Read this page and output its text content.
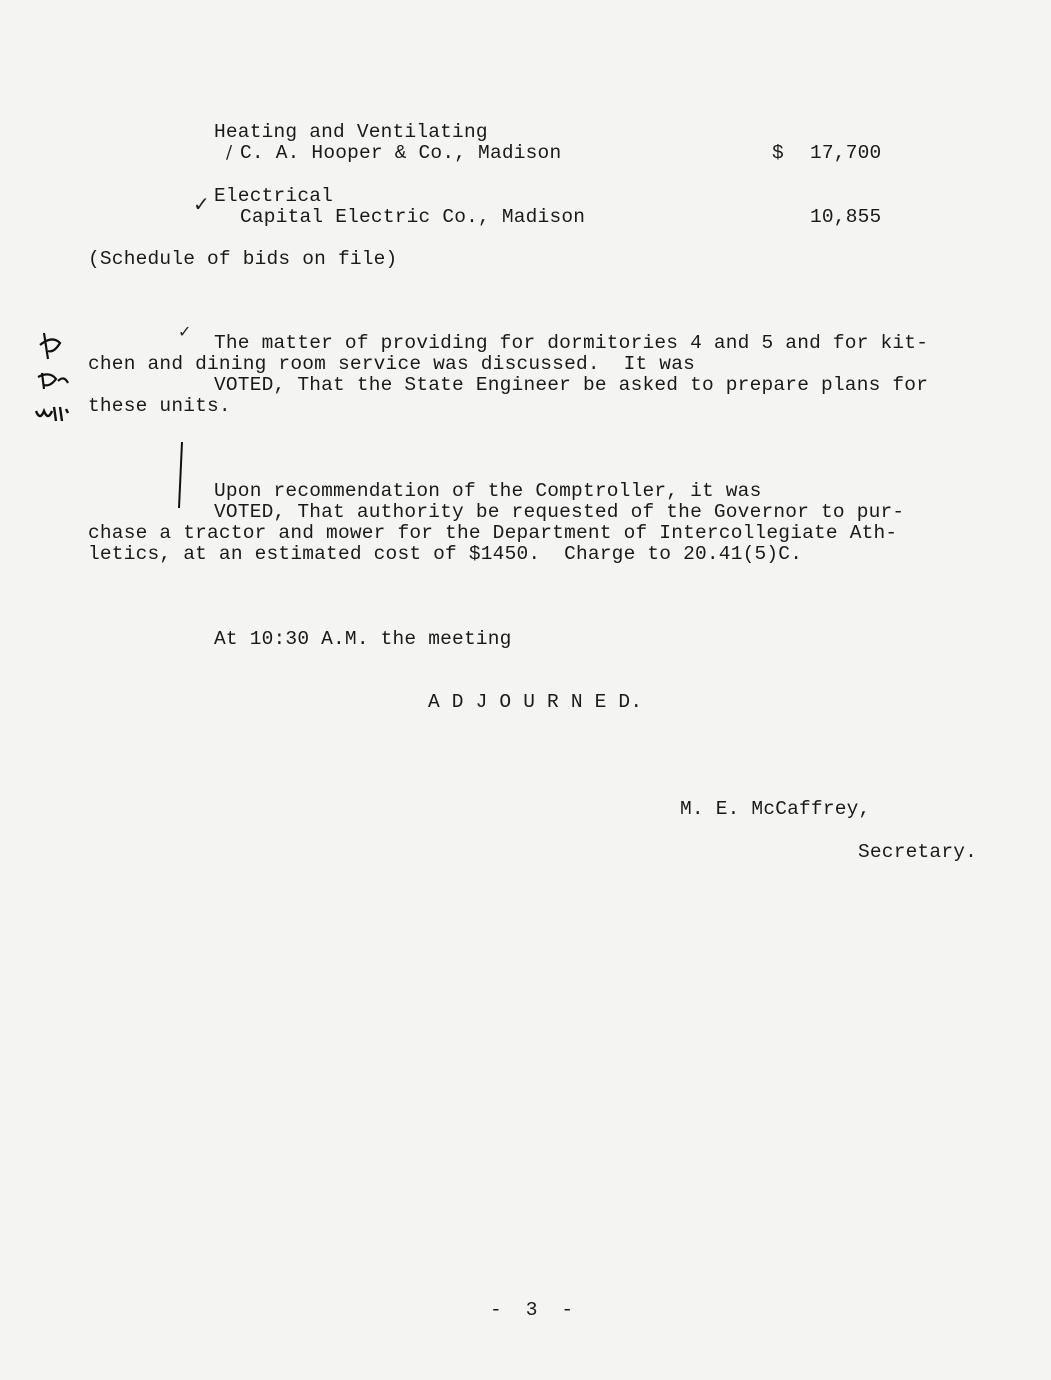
Heating and Ventilating
/ C. A. Hooper & Co., Madison	$ 17,700
✓ Electrical
Capital Electric Co., Madison	10,855
(Schedule of bids on file)
✓
The matter of providing for dormitories 4 and 5 and for kit-
chen and dining room service was discussed.  It was
VOTED, That the State Engineer be asked to prepare plans for
these units.
Upon recommendation of the Comptroller, it was
VOTED, That authority be requested of the Governor to pur-
chase a tractor and mower for the Department of Intercollegiate Ath-
letics, at an estimated cost of $1450.  Charge to 20.41(5)C.
At 10:30 A.M. the meeting
A D J O U R N E D.
M. E. McCaffrey,
Secretary.
-  3  -
